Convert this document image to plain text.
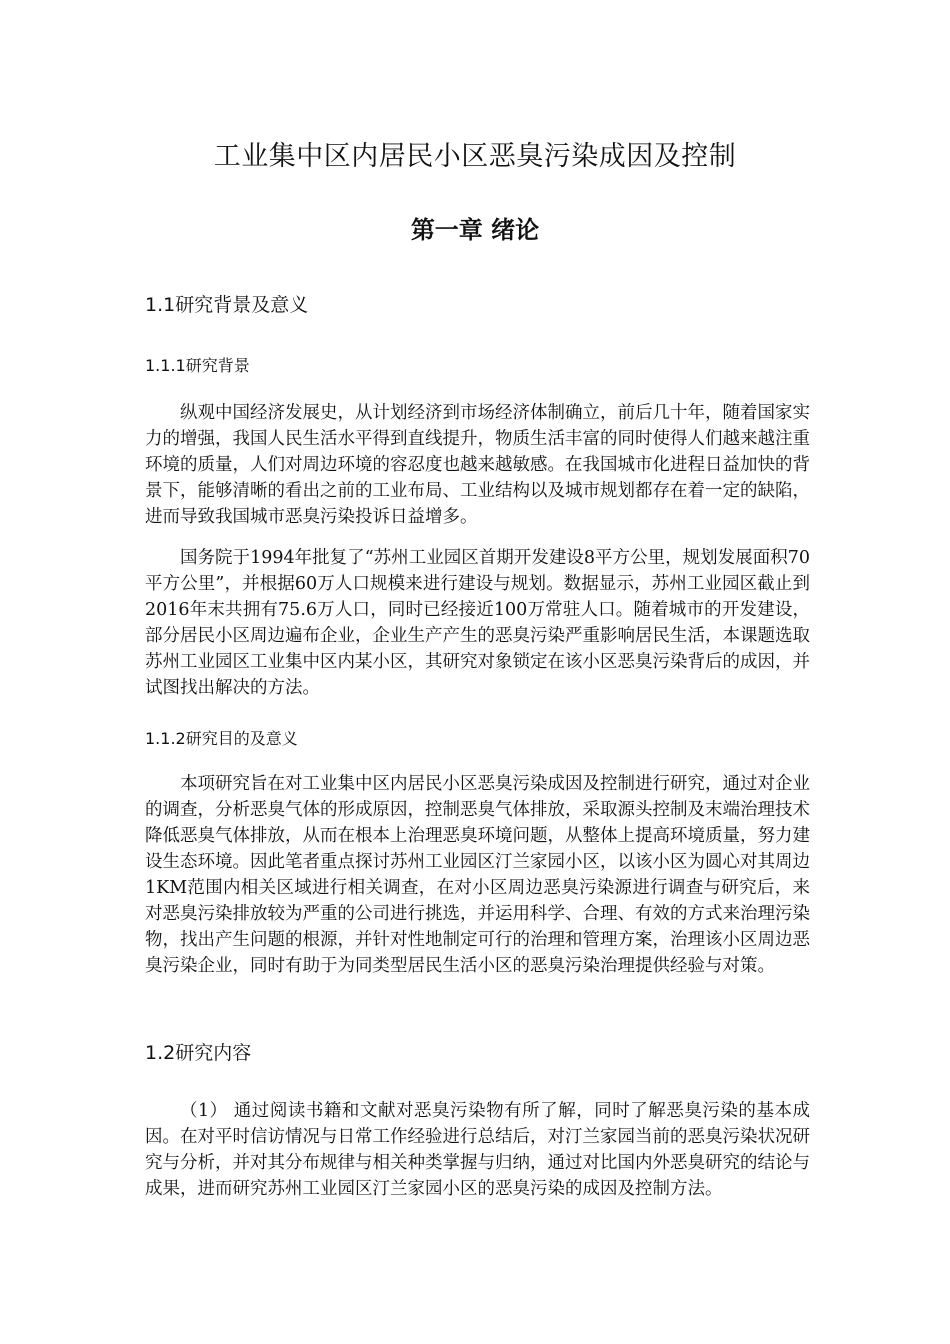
工业集中区内居民小区恶臭污染成因及控制
第一章 绪论
1.1研究背景及意义
1.1.1研究背景

纵观中国经济发展史，从计划经济到市场经济体制确立，前后几十年，随着国家实力的增强，我国人民生活水平得到直线提升，物质生活丰富的同时使得人们越来越注重环境的质量，人们对周边环境的容忍度也越来越敏感。在我国城市化进程日益加快的背景下，能够清晰的看出之前的工业布局、工业结构以及城市规划都存在着一定的缺陷，进而导致我国城市恶臭污染投诉日益增多。

国务院于1994年批复了“苏州工业园区首期开发建设8平方公里，规划发展面积70平方公里”，并根据60万人口规模来进行建设与规划。数据显示，苏州工业园区截止到2016年末共拥有75.6万人口，同时已经接近100万常驻人口。随着城市的开发建设，部分居民小区周边遍布企业，企业生产产生的恶臭污染严重影响居民生活，本课题选取苏州工业园区工业集中区内某小区，其研究对象锁定在该小区恶臭污染背后的成因，并试图找出解决的方法。

1.1.2研究目的及意义

本项研究旨在对工业集中区内居民小区恶臭污染成因及控制进行研究，通过对企业的调查，分析恶臭气体的形成原因，控制恶臭气体排放，采取源头控制及末端治理技术降低恶臭气体排放，从而在根本上治理恶臭环境问题，从整体上提高环境质量，努力建设生态环境。因此笔者重点探讨苏州工业园区汀兰家园小区，以该小区为圆心对其周边1KM范围内相关区域进行相关调查，在对小区周边恶臭污染源进行调查与研究后，来对恶臭污染排放较为严重的公司进行挑选，并运用科学、合理、有效的方式来治理污染物，找出产生问题的根源，并针对性地制定可行的治理和管理方案，治理该小区周边恶臭污染企业，同时有助于为同类型居民生活小区的恶臭污染治理提供经验与对策。

1.2研究内容

（1） 通过阅读书籍和文献对恶臭污染物有所了解，同时了解恶臭污染的基本成因。在对平时信访情况与日常工作经验进行总结后，对汀兰家园当前的恶臭污染状况研究与分析，并对其分布规律与相关种类掌握与归纳，通过对比国内外恶臭研究的结论与成果，进而研究苏州工业园区汀兰家园小区的恶臭污染的成因及控制方法。
